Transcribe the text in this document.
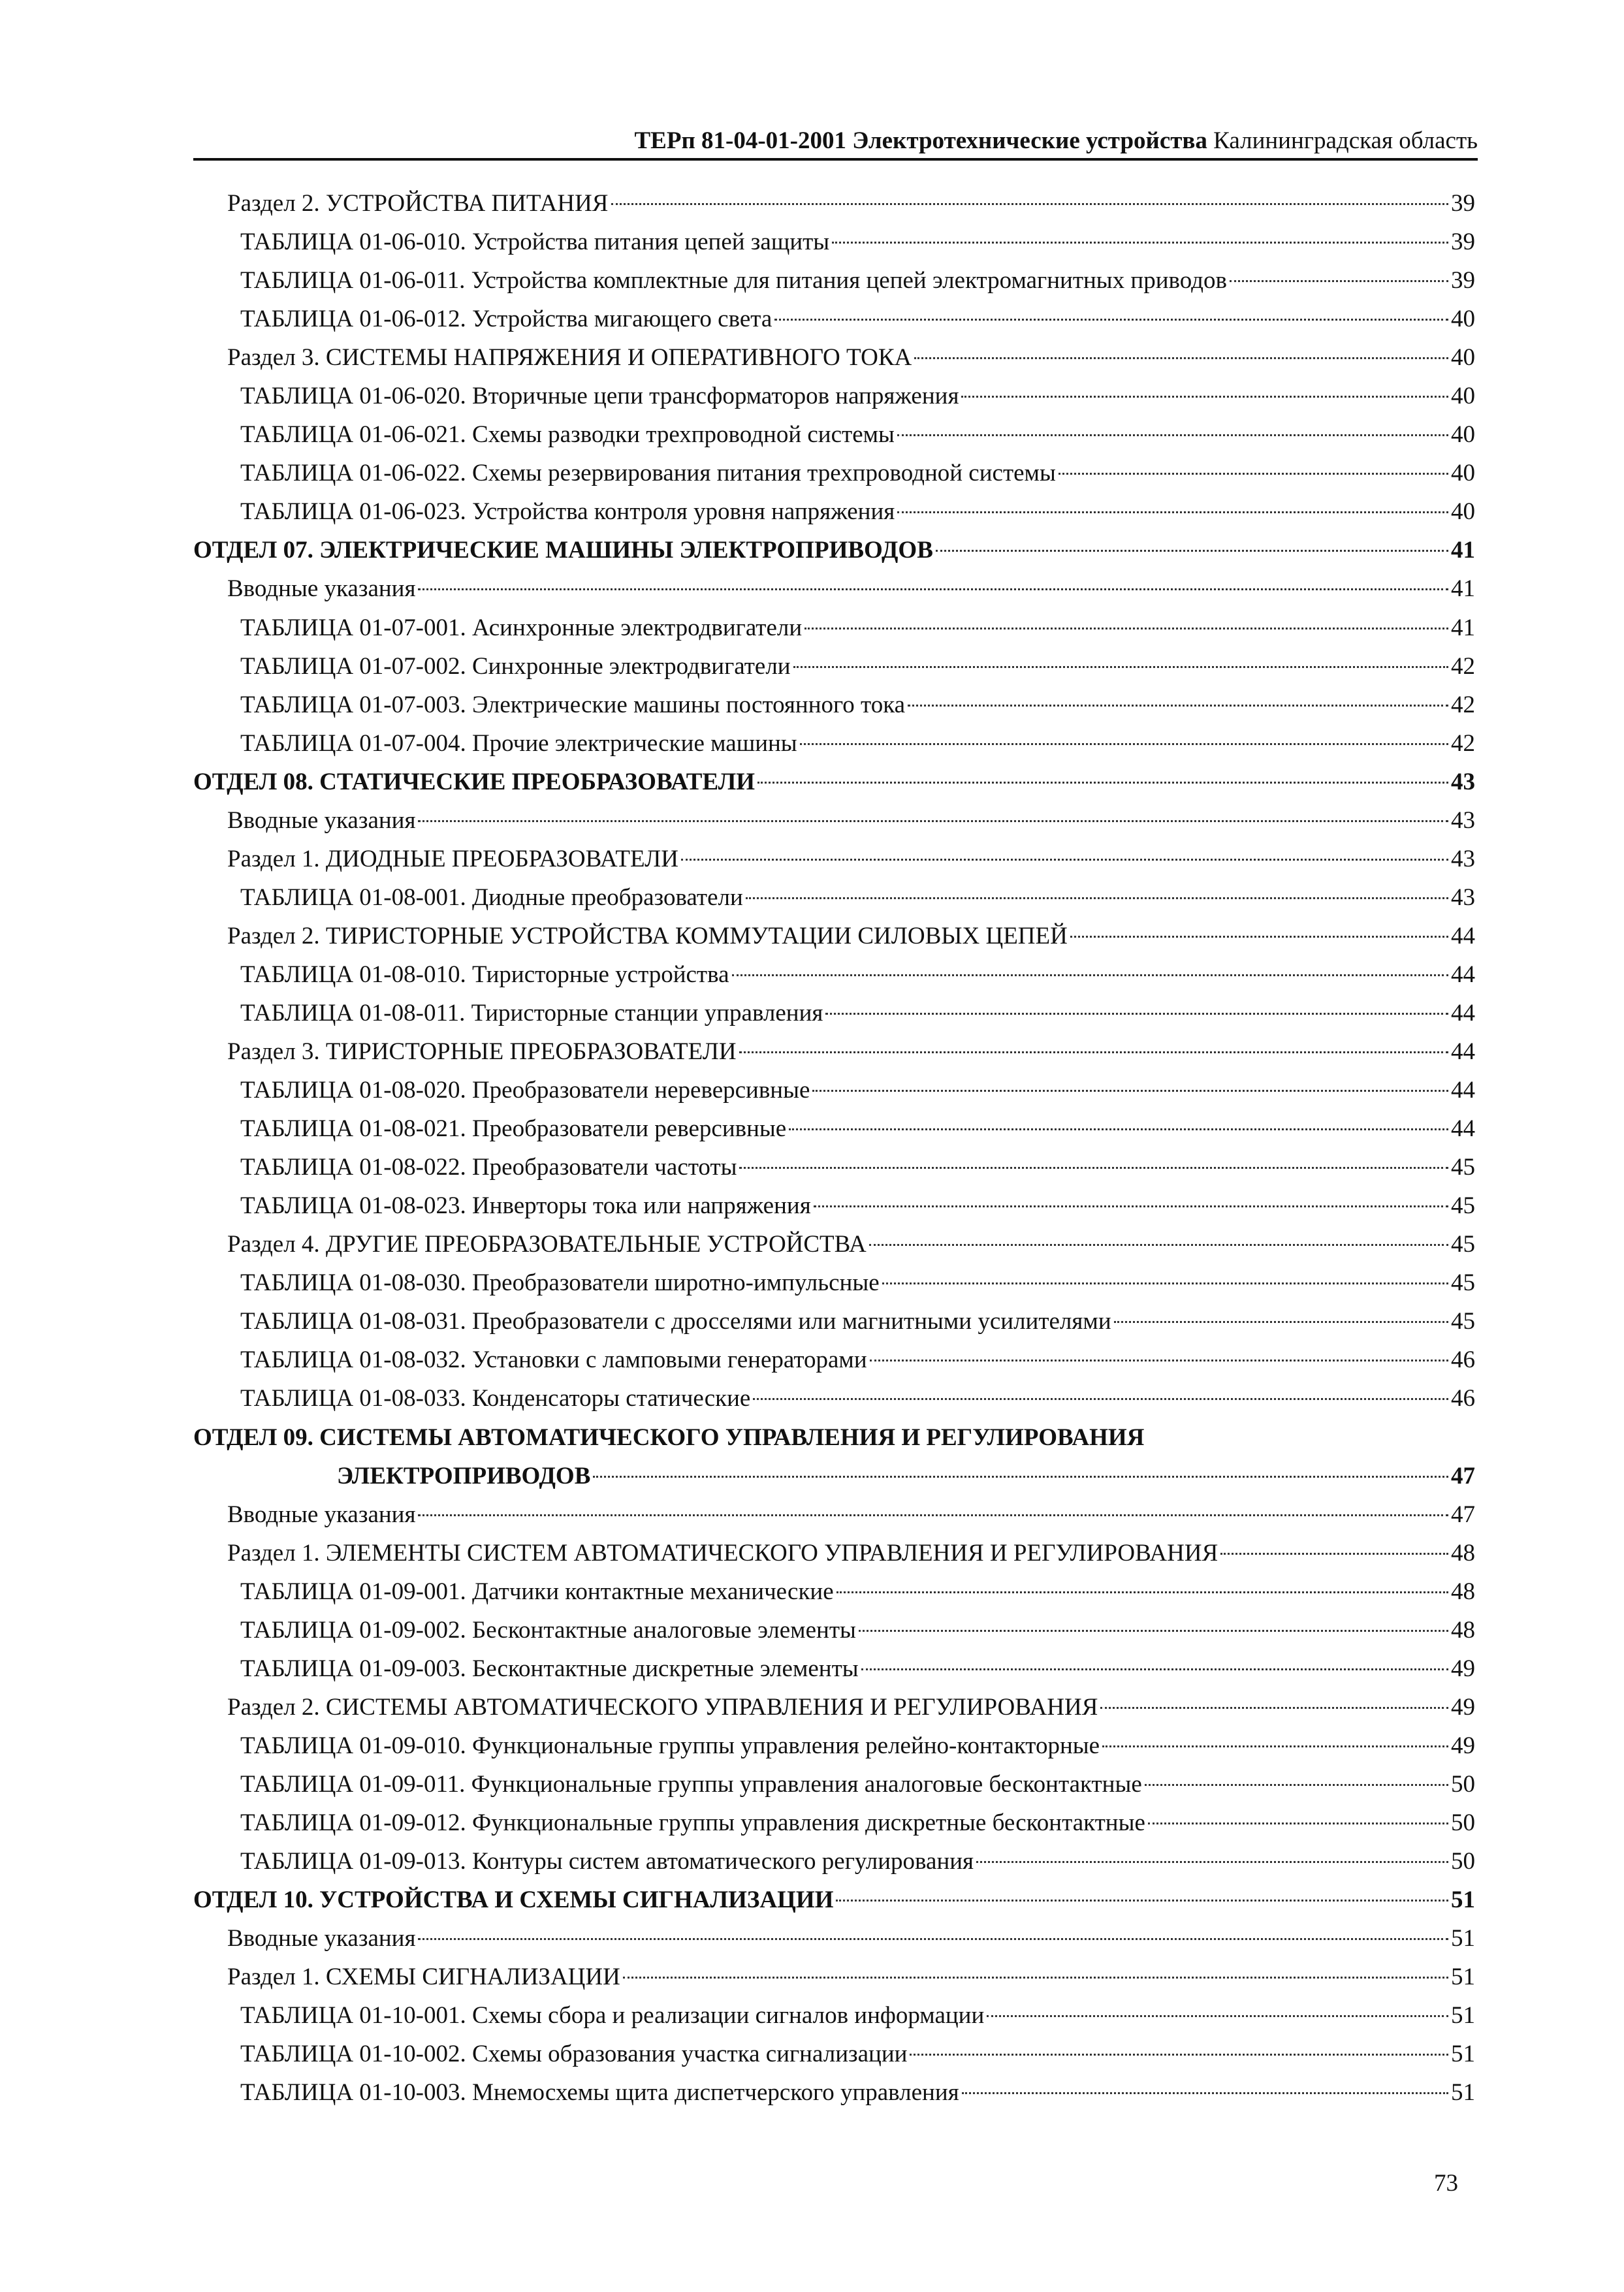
ТЕРп 81-04-01-2001 Электротехнические устройства Калининградская область
Раздел 2. УСТРОЙСТВА ПИТАНИЯ	39
ТАБЛИЦА 01-06-010. Устройства питания цепей защиты	39
ТАБЛИЦА 01-06-011. Устройства комплектные для питания цепей электромагнитных приводов	39
ТАБЛИЦА 01-06-012. Устройства мигающего света	40
Раздел 3. СИСТЕМЫ НАПРЯЖЕНИЯ И ОПЕРАТИВНОГО ТОКА	40
ТАБЛИЦА 01-06-020. Вторичные цепи трансформаторов напряжения	40
ТАБЛИЦА 01-06-021. Схемы разводки трехпроводной системы	40
ТАБЛИЦА 01-06-022. Схемы резервирования питания трехпроводной системы	40
ТАБЛИЦА 01-06-023. Устройства контроля уровня напряжения	40
ОТДЕЛ 07. ЭЛЕКТРИЧЕСКИЕ МАШИНЫ ЭЛЕКТРОПРИВОДОВ	41
Вводные указания	41
ТАБЛИЦА 01-07-001. Асинхронные электродвигатели	41
ТАБЛИЦА 01-07-002. Синхронные электродвигатели	42
ТАБЛИЦА 01-07-003. Электрические машины постоянного тока	42
ТАБЛИЦА 01-07-004. Прочие электрические машины	42
ОТДЕЛ 08. СТАТИЧЕСКИЕ ПРЕОБРАЗОВАТЕЛИ	43
Вводные указания	43
Раздел 1. ДИОДНЫЕ ПРЕОБРАЗОВАТЕЛИ	43
ТАБЛИЦА 01-08-001. Диодные преобразователи	43
Раздел 2. ТИРИСТОРНЫЕ УСТРОЙСТВА КОММУТАЦИИ СИЛОВЫХ ЦЕПЕЙ	44
ТАБЛИЦА 01-08-010. Тиристорные устройства	44
ТАБЛИЦА 01-08-011. Тиристорные станции управления	44
Раздел 3. ТИРИСТОРНЫЕ ПРЕОБРАЗОВАТЕЛИ	44
ТАБЛИЦА 01-08-020. Преобразователи нереверсивные	44
ТАБЛИЦА 01-08-021. Преобразователи реверсивные	44
ТАБЛИЦА 01-08-022. Преобразователи частоты	45
ТАБЛИЦА 01-08-023. Инверторы тока или напряжения	45
Раздел 4. ДРУГИЕ ПРЕОБРАЗОВАТЕЛЬНЫЕ УСТРОЙСТВА	45
ТАБЛИЦА 01-08-030. Преобразователи широтно-импульсные	45
ТАБЛИЦА 01-08-031. Преобразователи с дросселями или магнитными усилителями	45
ТАБЛИЦА 01-08-032. Установки с ламповыми генераторами	46
ТАБЛИЦА 01-08-033. Конденсаторы статические	46
ОТДЕЛ 09. СИСТЕМЫ АВТОМАТИЧЕСКОГО УПРАВЛЕНИЯ И РЕГУЛИРОВАНИЯ
ЭЛЕКТРОПРИВОДОВ	47
Вводные указания	47
Раздел 1. ЭЛЕМЕНТЫ СИСТЕМ АВТОМАТИЧЕСКОГО УПРАВЛЕНИЯ И РЕГУЛИРОВАНИЯ	48
ТАБЛИЦА 01-09-001. Датчики контактные механические	48
ТАБЛИЦА 01-09-002. Бесконтактные аналоговые элементы	48
ТАБЛИЦА 01-09-003. Бесконтактные дискретные элементы	49
Раздел 2. СИСТЕМЫ АВТОМАТИЧЕСКОГО УПРАВЛЕНИЯ И РЕГУЛИРОВАНИЯ	49
ТАБЛИЦА 01-09-010. Функциональные группы управления релейно-контакторные	49
ТАБЛИЦА 01-09-011. Функциональные группы управления аналоговые бесконтактные	50
ТАБЛИЦА 01-09-012. Функциональные группы управления дискретные бесконтактные	50
ТАБЛИЦА 01-09-013. Контуры систем автоматического регулирования	50
ОТДЕЛ 10. УСТРОЙСТВА И СХЕМЫ СИГНАЛИЗАЦИИ	51
Вводные указания	51
Раздел 1. СХЕМЫ СИГНАЛИЗАЦИИ	51
ТАБЛИЦА 01-10-001. Схемы сбора и реализации сигналов информации	51
ТАБЛИЦА 01-10-002. Схемы образования участка сигнализации	51
ТАБЛИЦА 01-10-003. Мнемосхемы щита диспетчерского управления	51
73
